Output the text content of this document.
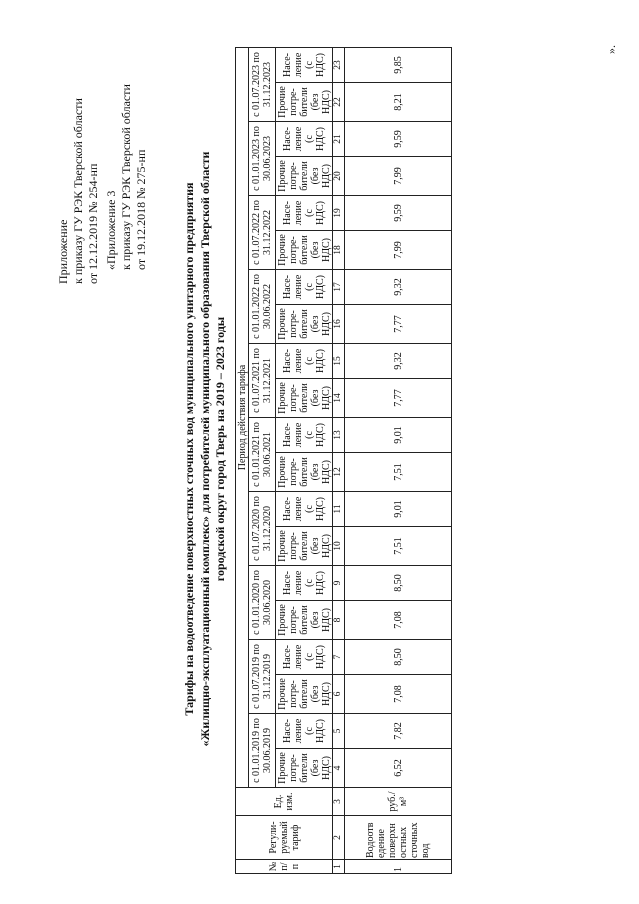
Приложение к приказу ГУ РЭК Тверской области от 12.12.2019 № 254-нп «Приложение 3 к приказу ГУ РЭК Тверской области от 19.12.2018 № 275-нп	Тарифы на водоотведение поверхностных сточных вод муниципального унитарного предприятия «Жилищно-эксплуатационный комплекс» для потребителей муниципального образования Тверской области городской округ город Тверь на 2019 – 2023 годы
№ п/п	Регули-руемый тариф	Ед. изм.	Период действия тарифа																			
			с 01.01.2019 по 30.06.2019		с 01.07.2019 по 31.12.2019		с 01.01.2020 по 30.06.2020		с 01.07.2020 по 31.12.2020		с 01.01.2021 по 30.06.2021		с 01.07.2021 по 31.12.2021		с 01.01.2022 по 30.06.2022		с 01.07.2022 по 31.12.2022		с 01.01.2023 по 30.06.2023		с 01.07.2023 по 31.12.2023	
			Прочие потре-бители (без НДС)	Насе-ление (с НДС)	Прочие потре-бители (без НДС)	Насе-ление (с НДС)	Прочие потре-бители (без НДС)	Насе-ление (с НДС)	Прочие потре-бители (без НДС)	Насе-ление (с НДС)	Прочие потре-бители (без НДС)	Насе-ление (с НДС)	Прочие потре-бители (без НДС)	Насе-ление (с НДС)	Прочие потре-бители (без НДС)	Насе-ление (с НДС)	Прочие потре-бители (без НДС)	Насе-ление (с НДС)	Прочие потре-бители (без НДС)	Насе-ление (с НДС)	Прочие потре-бители (без НДС)	Насе-ление (с НДС)
1	2	3	4	5	6	7	8	9	10	11	12	13	14	15	16	17	18	19	20	21	22	23
1	Водоотв едение поверхн остных сточных вод	руб./м³	6,52	7,82	7,08	8,50	7,08	8,50	7,51	9,01	7,51	9,01	7,77	9,32	7,77	9,32	7,99	9,59	7,99	9,59	8,21	9,85
».
